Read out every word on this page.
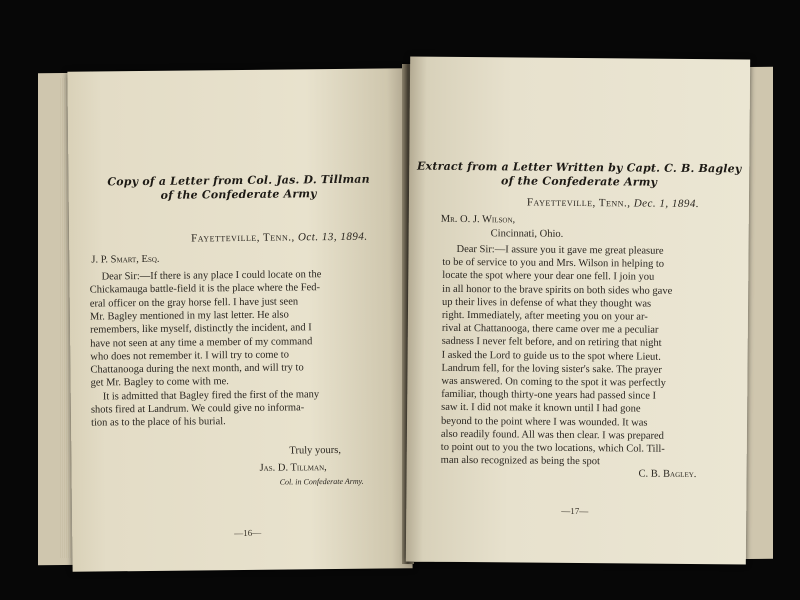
Copy of a Letter from Col. Jas. D. Tillman
of the Confederate Army
Fayetteville, Tenn., Oct. 13, 1894.
J. P. Smart, Esq.
Dear Sir:—If there is any place I could locate on the
Chickamauga battle-field it is the place where the Fed-
eral officer on the gray horse fell. I have just seen
Mr. Bagley mentioned in my last letter. He also
remembers, like myself, distinctly the incident, and I
have not seen at any time a member of my command
who does not remember it. I will try to come to
Chattanooga during the next month, and will try to
get Mr. Bagley to come with me.
It is admitted that Bagley fired the first of the many
shots fired at Landrum. We could give no informa-
tion as to the place of his burial.
Truly yours,
Jas. D. Tillman,
Col. in Confederate Army.
—16—
Extract from a Letter Written by Capt. C. B. Bagley
of the Confederate Army
Fayetteville, Tenn., Dec. 1, 1894.
Mr. O. J. Wilson,
Cincinnati, Ohio.
Dear Sir:—I assure you it gave me great pleasure
to be of service to you and Mrs. Wilson in helping to
locate the spot where your dear one fell. I join you
in all honor to the brave spirits on both sides who gave
up their lives in defense of what they thought was
right. Immediately, after meeting you on your ar-
rival at Chattanooga, there came over me a peculiar
sadness I never felt before, and on retiring that night
I asked the Lord to guide us to the spot where Lieut.
Landrum fell, for the loving sister's sake. The prayer
was answered. On coming to the spot it was perfectly
familiar, though thirty-one years had passed since I
saw it. I did not make it known until I had gone
beyond to the point where I was wounded. It was
also readily found. All was then clear. I was prepared
to point out to you the two locations, which Col. Till-
man also recognized as being the spot
C. B. Bagley.
—17—
